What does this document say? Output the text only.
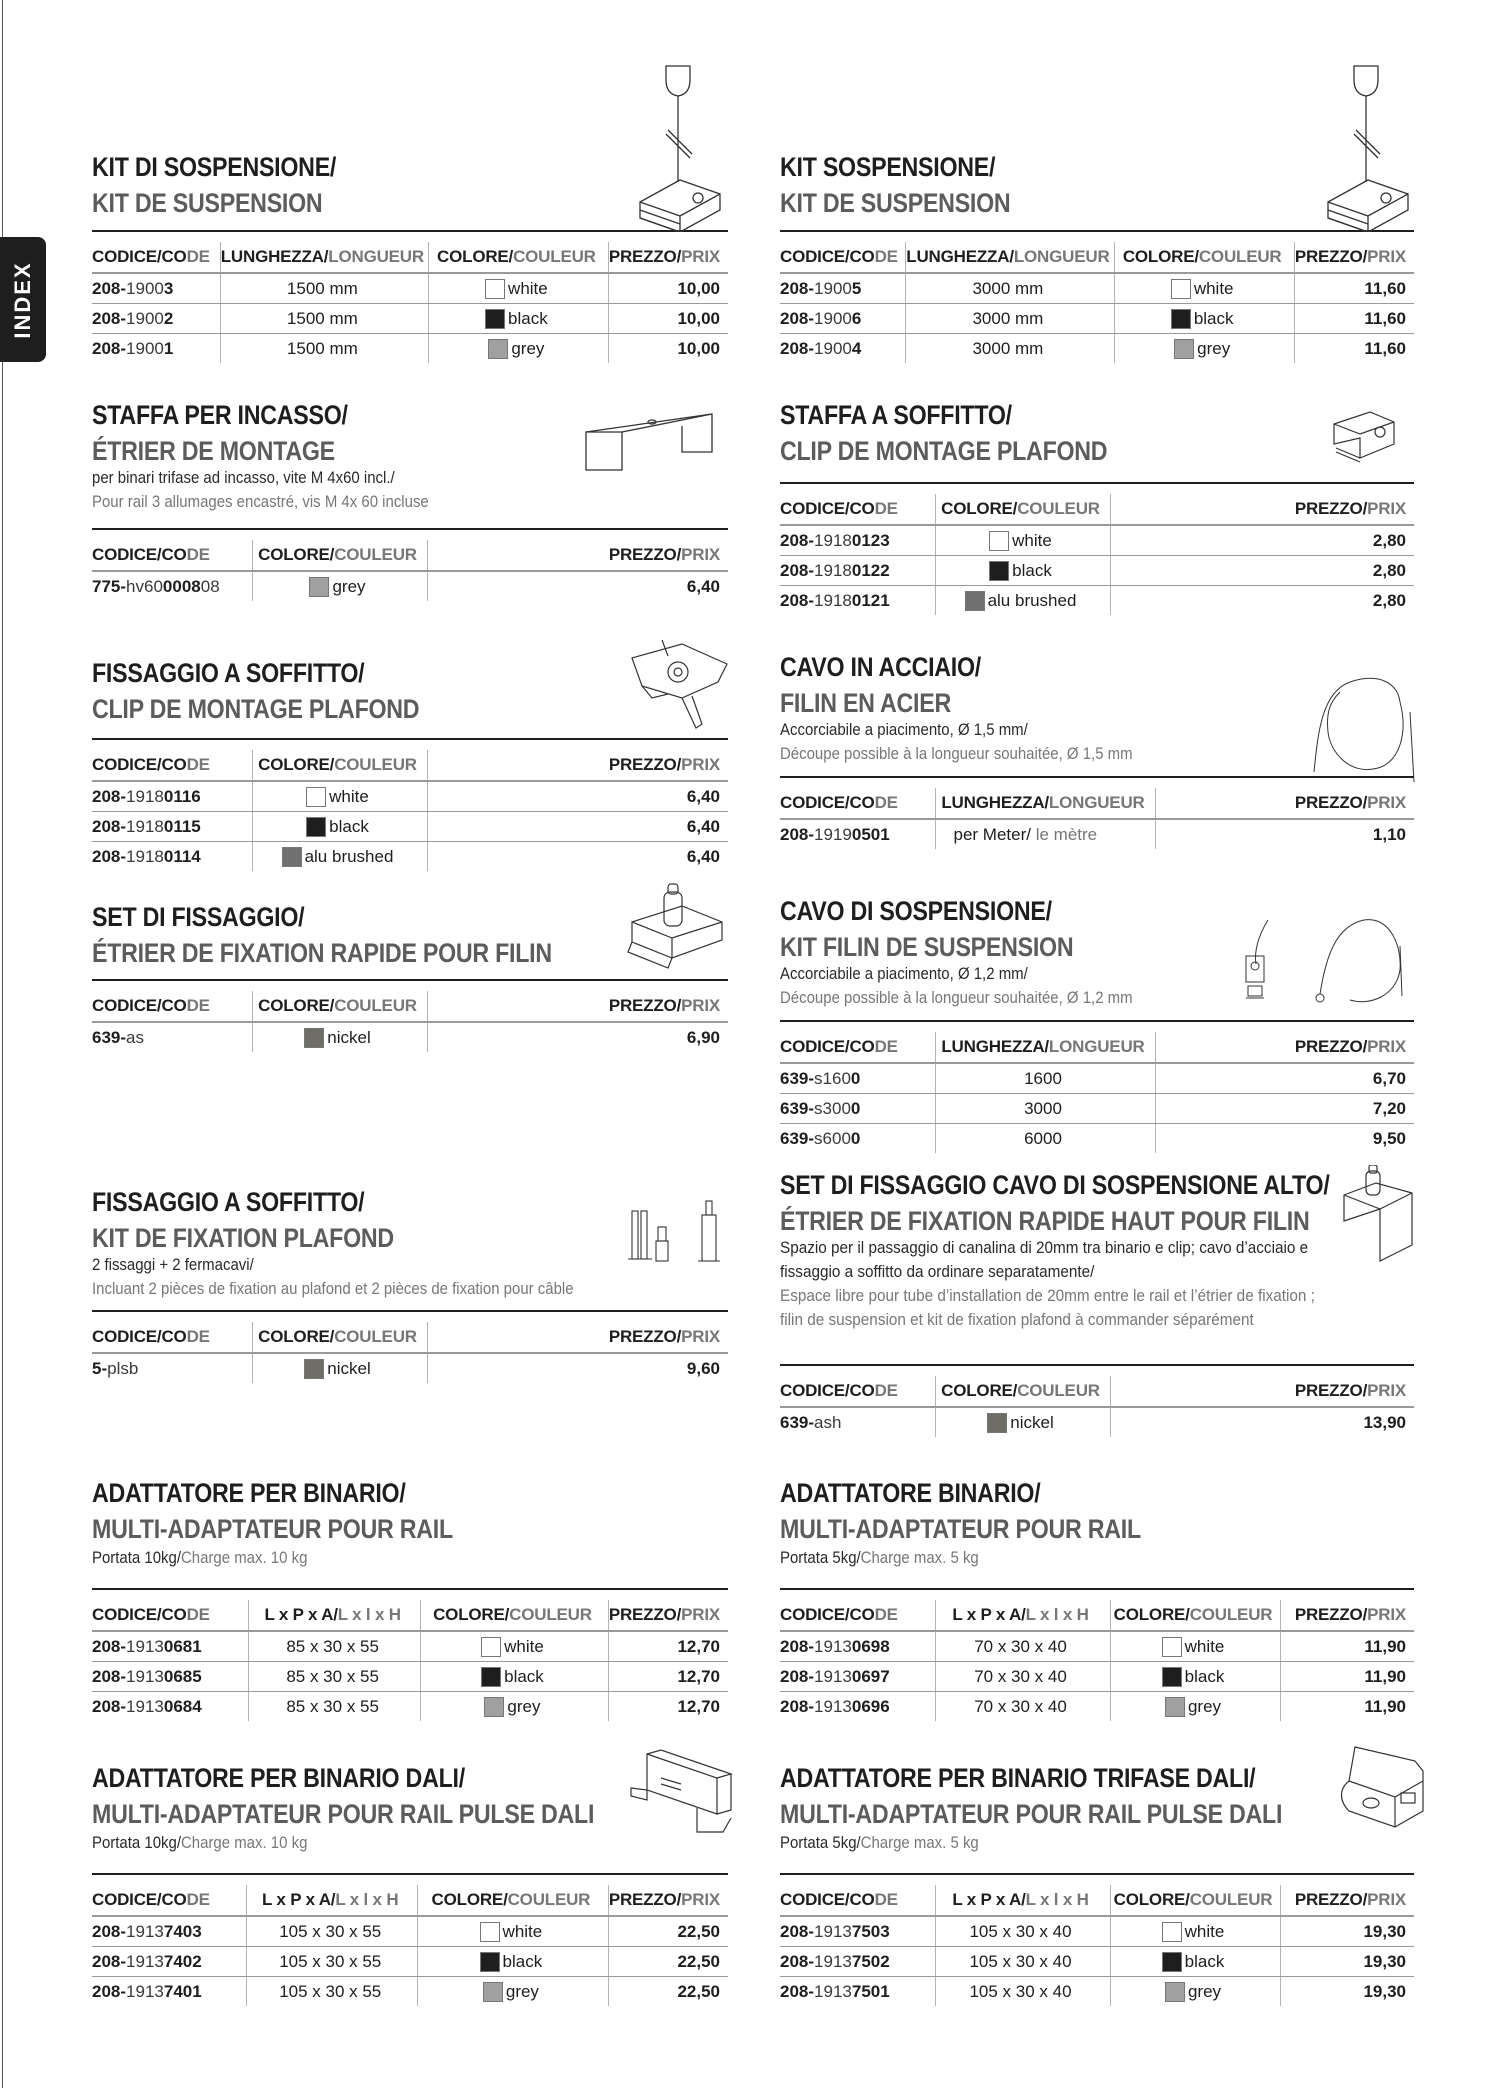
INDEX
KIT DI SOSPENSIONE/
KIT DE SUSPENSION
CODICE/CODE	LUNGHEZZA/LONGUEUR	COLORE/COULEUR	PREZZO/PRIX
208-19003	1500 mm	white	10,00
208-19002	1500 mm	black	10,00
208-19001	1500 mm	grey	10,00
KIT SOSPENSIONE/
KIT DE SUSPENSION
CODICE/CODE	LUNGHEZZA/LONGUEUR	COLORE/COULEUR	PREZZO/PRIX
208-19005	3000 mm	white	11,60
208-19006	3000 mm	black	11,60
208-19004	3000 mm	grey	11,60
STAFFA PER INCASSO/
ÉTRIER DE MONTAGE
per binari trifase ad incasso, vite M 4x60 incl./
Pour rail 3 allumages encastré, vis M 4x 60 incluse
CODICE/CODE	COLORE/COULEUR	PREZZO/PRIX
775-hv60000808	grey	6,40
STAFFA A SOFFITTO/
CLIP DE MONTAGE PLAFOND
CODICE/CODE	COLORE/COULEUR	PREZZO/PRIX
208-19180123	white	2,80
208-19180122	black	2,80
208-19180121	alu brushed	2,80
FISSAGGIO A SOFFITTO/
CLIP DE MONTAGE PLAFOND
CODICE/CODE	COLORE/COULEUR	PREZZO/PRIX
208-19180116	white	6,40
208-19180115	black	6,40
208-19180114	alu brushed	6,40
CAVO IN ACCIAIO/
FILIN EN ACIER
Accorciabile a piacimento, Ø 1,5 mm/
Découpe possible à la longueur souhaitée, Ø 1,5 mm
CODICE/CODE	LUNGHEZZA/LONGUEUR	PREZZO/PRIX
208-19190501	per Meter/ le mètre	1,10
SET DI FISSAGGIO/
ÉTRIER DE FIXATION RAPIDE POUR FILIN
CODICE/CODE	COLORE/COULEUR	PREZZO/PRIX
639-as	nickel	6,90
CAVO DI SOSPENSIONE/
KIT FILIN DE SUSPENSION
Accorciabile a piacimento, Ø 1,2 mm/
Découpe possible à la longueur souhaitée, Ø 1,2 mm
CODICE/CODE	LUNGHEZZA/LONGUEUR	PREZZO/PRIX
639-s1600	1600	6,70
639-s3000	3000	7,20
639-s6000	6000	9,50
FISSAGGIO A SOFFITTO/
KIT DE FIXATION PLAFOND
2 fissaggi + 2 fermacavi/
Incluant 2 pièces de fixation au plafond et 2 pièces de fixation pour câble
CODICE/CODE	COLORE/COULEUR	PREZZO/PRIX
5-plsb	nickel	9,60
SET DI FISSAGGIO CAVO DI SOSPENSIONE ALTO/
ÉTRIER DE FIXATION RAPIDE HAUT POUR FILIN
Spazio per il passaggio di canalina di 20mm tra binario e clip; cavo d’acciaio e fissaggio a soffitto da ordinare separatamente/
Espace libre pour tube d’installation de 20mm entre le rail et l’étrier de fixation ; filin de suspension et kit de fixation plafond à commander séparément
CODICE/CODE	COLORE/COULEUR	PREZZO/PRIX
639-ash	nickel	13,90
ADATTATORE PER BINARIO/
MULTI-ADAPTATEUR POUR RAIL
Portata 10kg/Charge max. 10 kg
CODICE/CODE	L x P x A/L x l x H	COLORE/COULEUR	PREZZO/PRIX
208-19130681	85 x 30 x 55	white	12,70
208-19130685	85 x 30 x 55	black	12,70
208-19130684	85 x 30 x 55	grey	12,70
ADATTATORE BINARIO/
MULTI-ADAPTATEUR POUR RAIL
Portata 5kg/Charge max. 5 kg
CODICE/CODE	L x P x A/L x l x H	COLORE/COULEUR	PREZZO/PRIX
208-19130698	70 x 30 x 40	white	11,90
208-19130697	70 x 30 x 40	black	11,90
208-19130696	70 x 30 x 40	grey	11,90
ADATTATORE PER BINARIO DALI/
MULTI-ADAPTATEUR POUR RAIL PULSE DALI
Portata 10kg/Charge max. 10 kg
CODICE/CODE	L x P x A/L x l x H	COLORE/COULEUR	PREZZO/PRIX
208-19137403	105 x 30 x 55	white	22,50
208-19137402	105 x 30 x 55	black	22,50
208-19137401	105 x 30 x 55	grey	22,50
ADATTATORE PER BINARIO TRIFASE DALI/
MULTI-ADAPTATEUR POUR RAIL PULSE DALI
Portata 5kg/Charge max. 5 kg
CODICE/CODE	L x P x A/L x l x H	COLORE/COULEUR	PREZZO/PRIX
208-19137503	105 x 30 x 40	white	19,30
208-19137502	105 x 30 x 40	black	19,30
208-19137501	105 x 30 x 40	grey	19,30
